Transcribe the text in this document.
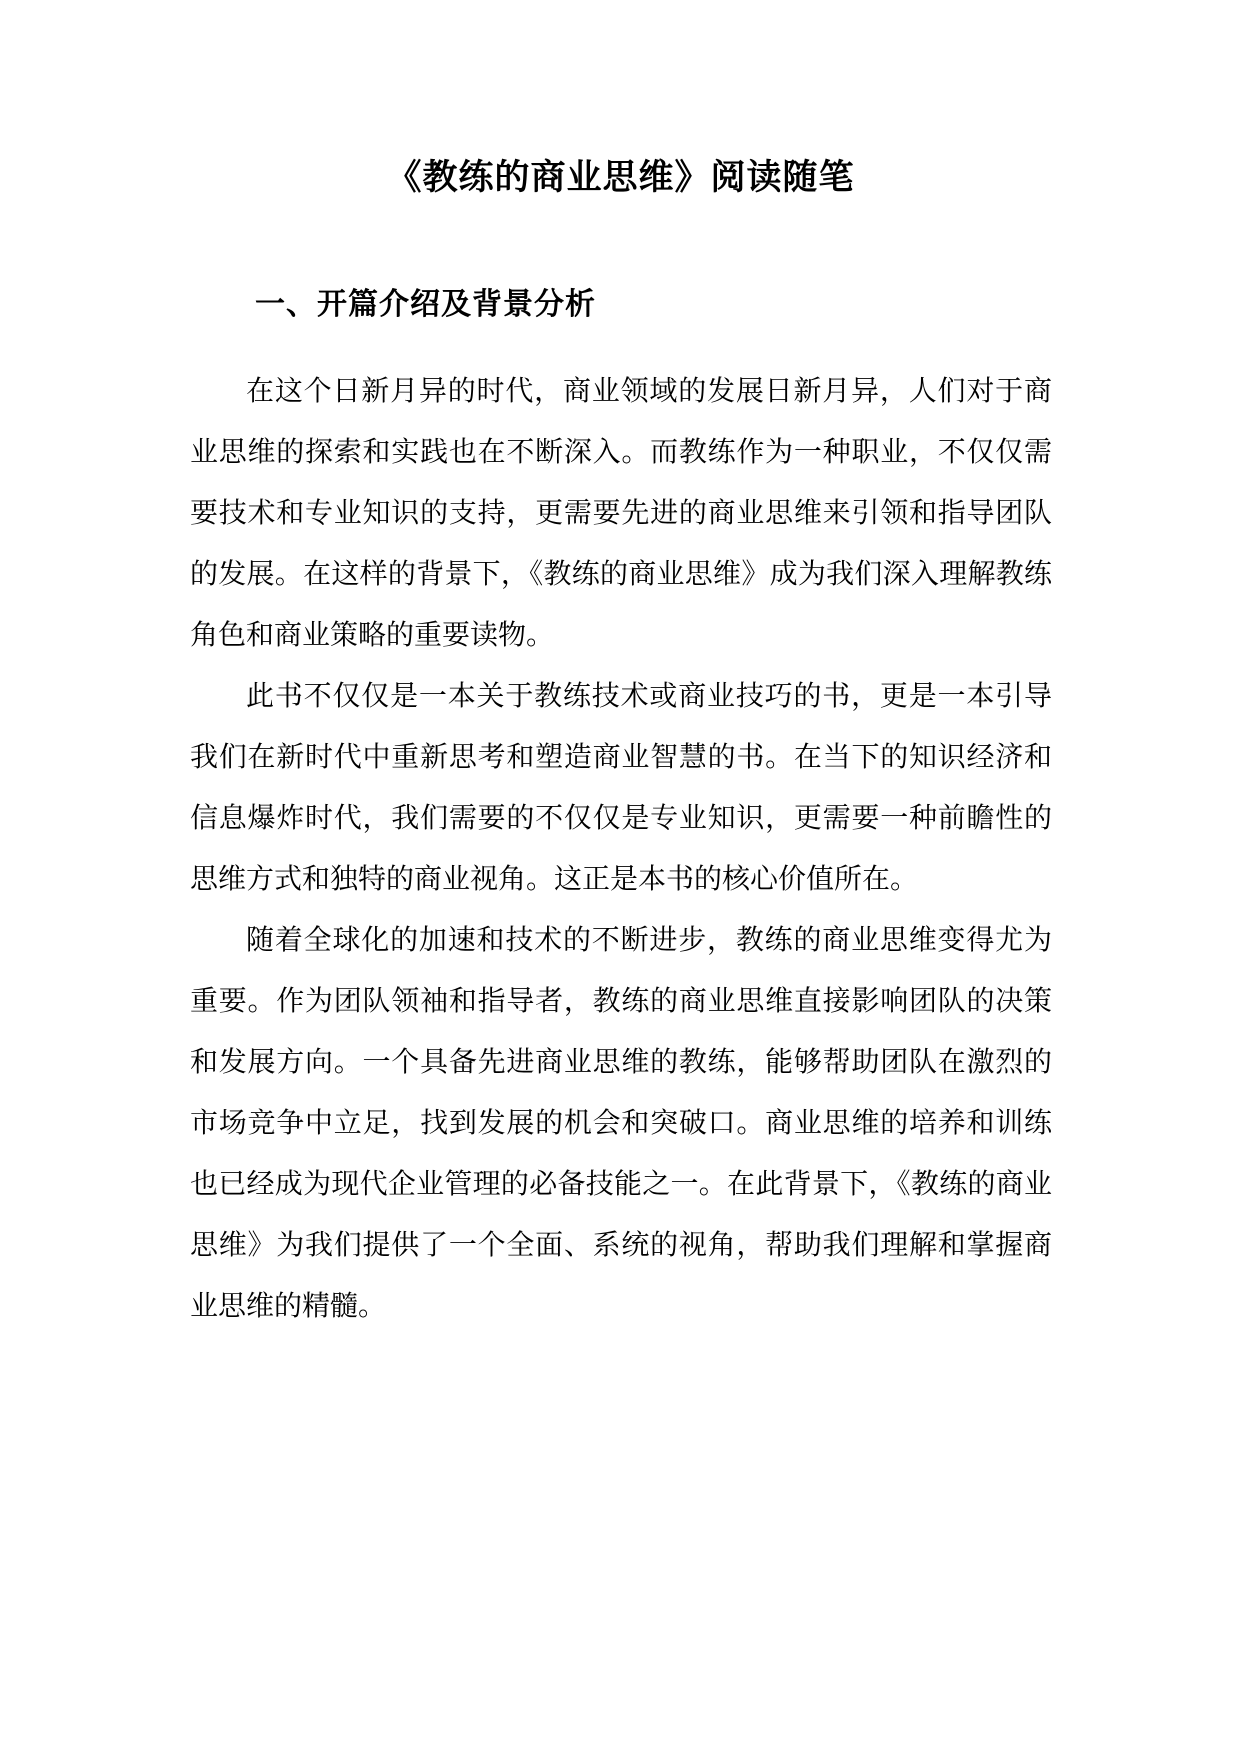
《教练的商业思维》阅读随笔
一、开篇介绍及背景分析

在这个日新月异的时代，商业领域的发展日新月异，人们对于商业思维的探索和实践也在不断深入。而教练作为一种职业，不仅仅需要技术和专业知识的支持，更需要先进的商业思维来引领和指导团队的发展。在这样的背景下，《教练的商业思维》成为我们深入理解教练角色和商业策略的重要读物。

此书不仅仅是一本关于教练技术或商业技巧的书，更是一本引导我们在新时代中重新思考和塑造商业智慧的书。在当下的知识经济和信息爆炸时代，我们需要的不仅仅是专业知识，更需要一种前瞻性的思维方式和独特的商业视角。这正是本书的核心价值所在。

随着全球化的加速和技术的不断进步，教练的商业思维变得尤为重要。作为团队领袖和指导者，教练的商业思维直接影响团队的决策和发展方向。一个具备先进商业思维的教练，能够帮助团队在激烈的市场竞争中立足，找到发展的机会和突破口。商业思维的培养和训练也已经成为现代企业管理的必备技能之一。在此背景下，《教练的商业思维》为我们提供了一个全面、系统的视角，帮助我们理解和掌握商业思维的精髓。
